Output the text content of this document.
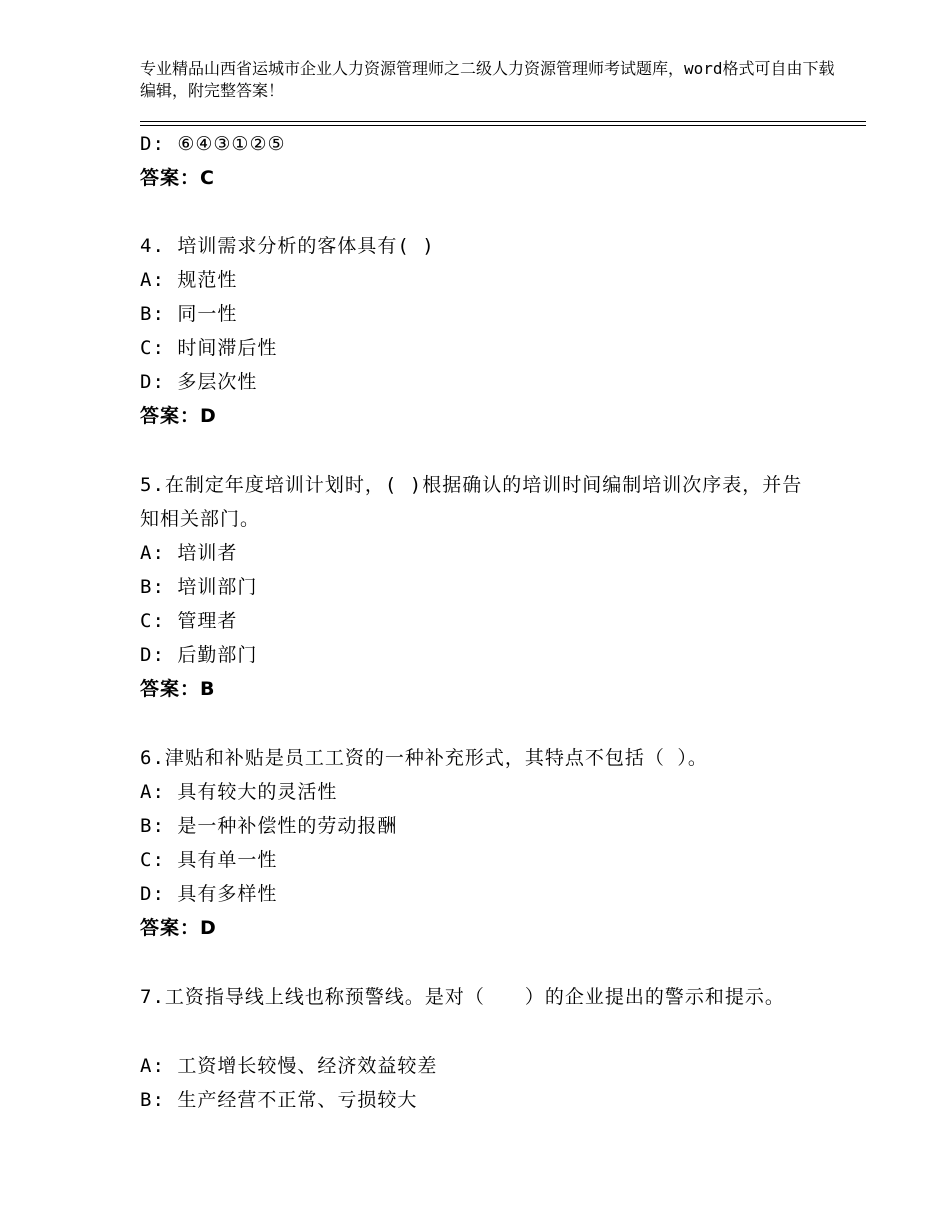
专业精品山西省运城市企业人力资源管理师之二级人力资源管理师考试题库，word格式可自由下载编辑，附完整答案！
D: ⑥④③①②⑤
答案：C
4. 培训需求分析的客体具有( )
A: 规范性
B: 同一性
C: 时间滞后性
D: 多层次性
答案：D
5.在制定年度培训计划时，( )根据确认的培训时间编制培训次序表，并告知相关部门。
A: 培训者
B: 培训部门
C: 管理者
D: 后勤部门
答案：B
6.津贴和补贴是员工工资的一种补充形式，其特点不包括（ ）。
A: 具有较大的灵活性
B: 是一种补偿性的劳动报酬
C: 具有单一性
D: 具有多样性
答案：D
7.工资指导线上线也称预警线。是对（　　）的企业提出的警示和提示。
A: 工资增长较慢、经济效益较差
B: 生产经营不正常、亏损较大
